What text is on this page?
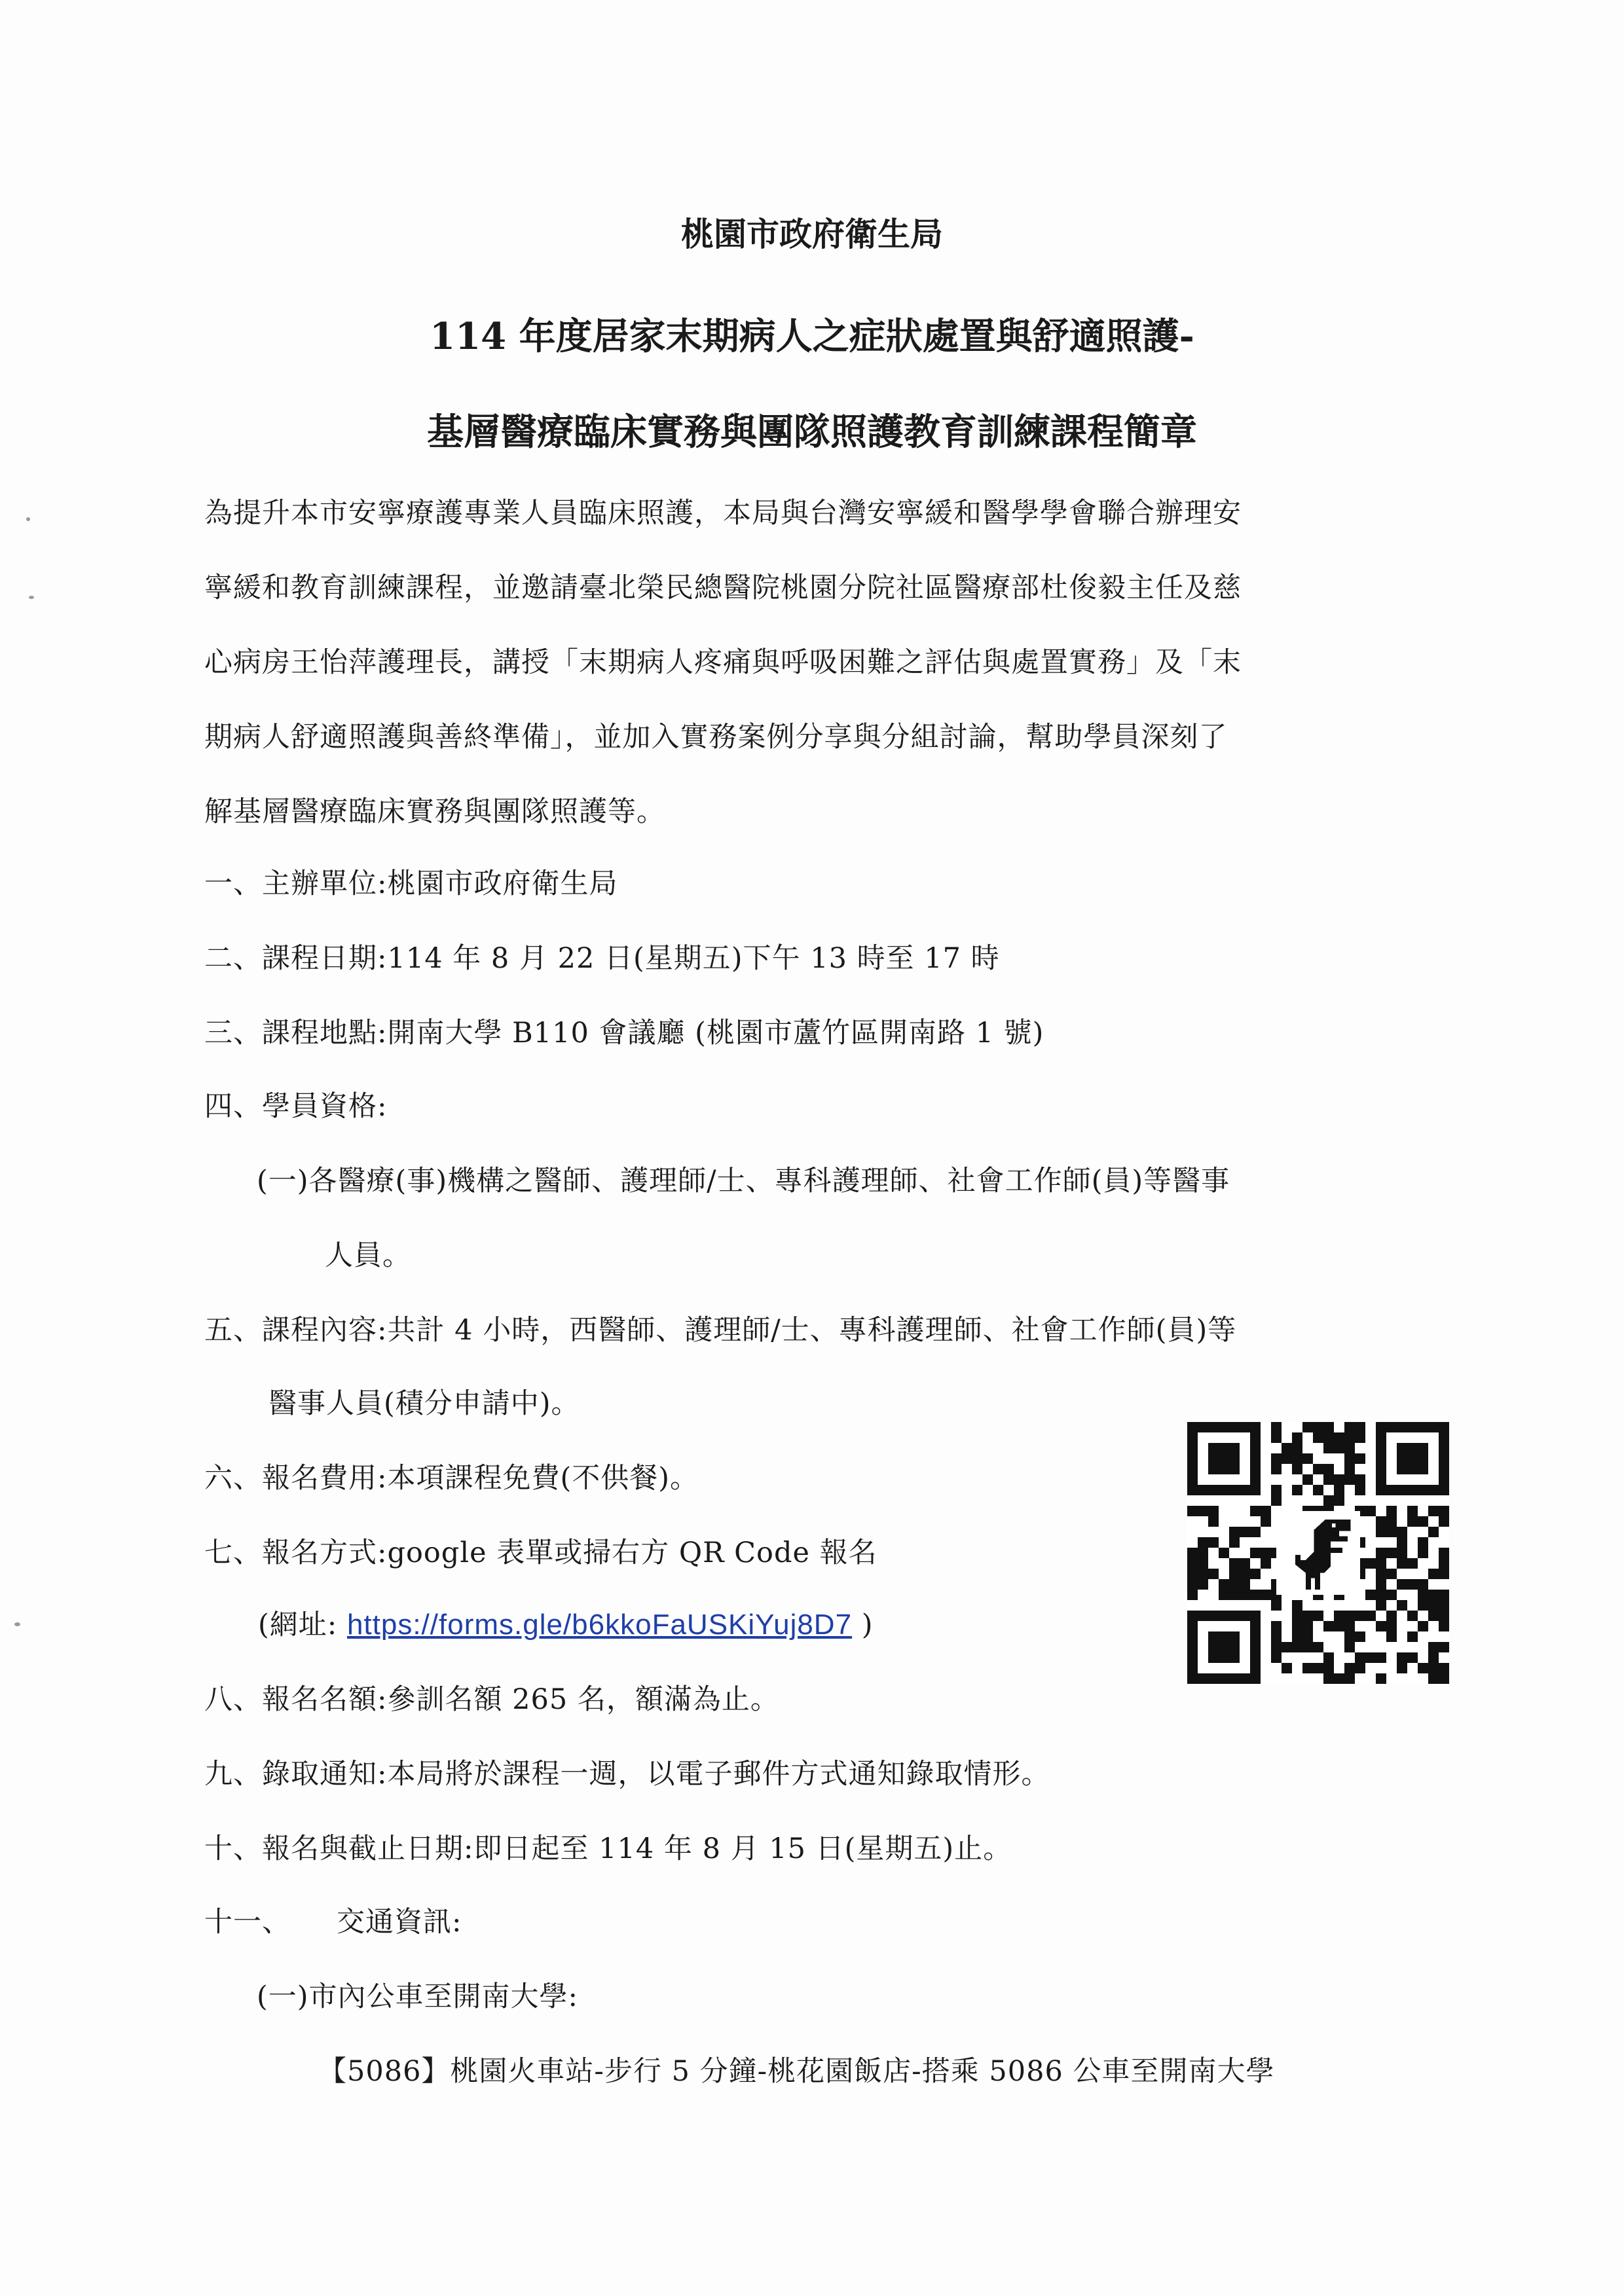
桃園市政府衛生局
114 年度居家末期病人之症狀處置與舒適照護-
基層醫療臨床實務與團隊照護教育訓練課程簡章
為提升本市安寧療護專業人員臨床照護，本局與台灣安寧緩和醫學學會聯合辦理安
寧緩和教育訓練課程，並邀請臺北榮民總醫院桃園分院社區醫療部杜俊毅主任及慈
心病房王怡萍護理長，講授「末期病人疼痛與呼吸困難之評估與處置實務」及「末
期病人舒適照護與善終準備」，並加入實務案例分享與分組討論，幫助學員深刻了
解基層醫療臨床實務與團隊照護等。
一、主辦單位:桃園市政府衛生局
二、課程日期:114 年 8 月 22 日(星期五)下午 13 時至 17 時
三、課程地點:開南大學 B110 會議廳 (桃園市蘆竹區開南路 1 號)
四、學員資格:
(一)各醫療(事)機構之醫師、護理師/士、專科護理師、社會工作師(員)等醫事
人員。
五、課程內容:共計 4 小時，西醫師、護理師/士、專科護理師、社會工作師(員)等
醫事人員(積分申請中)。
六、報名費用:本項課程免費(不供餐)。
七、報名方式:google 表單或掃右方 QR Code 報名
(網址: https://forms.gle/b6kkoFaUSKiYuj8D7 )
八、報名名額:參訓名額 265 名，額滿為止。
九、錄取通知:本局將於課程一週，以電子郵件方式通知錄取情形。
十、報名與截止日期:即日起至 114 年 8 月 15 日(星期五)止。
十一、 交通資訊:
(一)市內公車至開南大學:
【5086】桃園火車站-步行 5 分鐘-桃花園飯店-搭乘 5086 公車至開南大學
